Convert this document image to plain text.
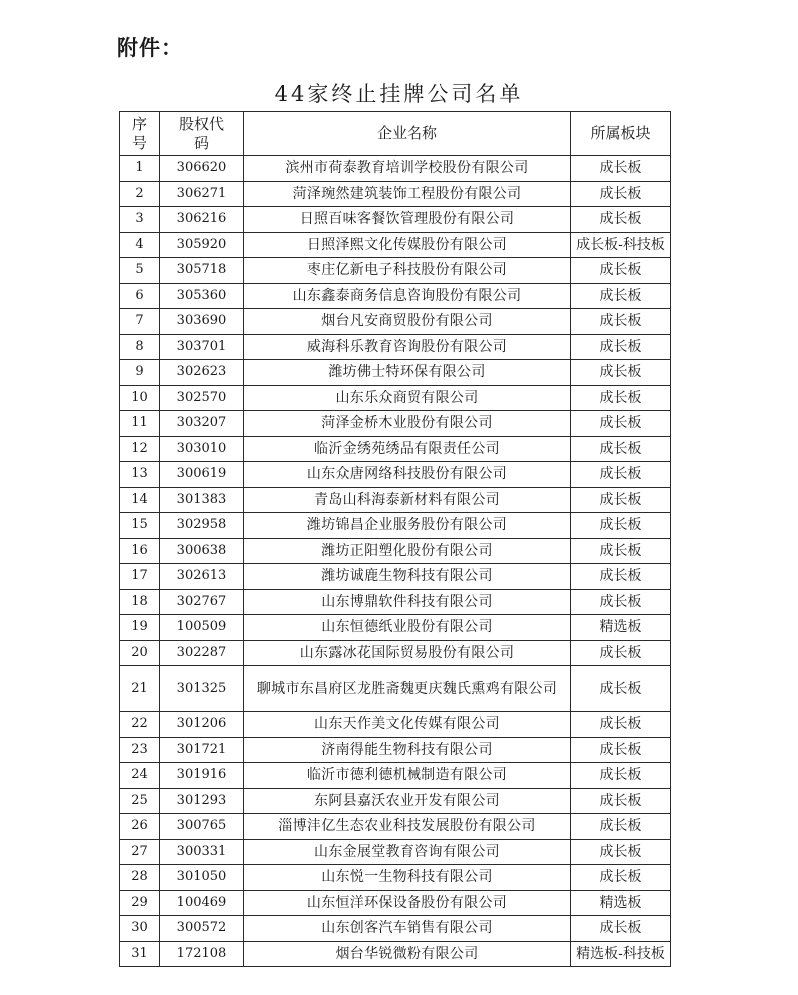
附件：
44家终止挂牌公司名单
序号	股权代码	企业名称	所属板块
1	306620	滨州市荷泰教育培训学校股份有限公司	成长板
2	306271	菏泽琬然建筑装饰工程股份有限公司	成长板
3	306216	日照百味客餐饮管理股份有限公司	成长板
4	305920	日照泽熙文化传媒股份有限公司	成长板-科技板
5	305718	枣庄亿新电子科技股份有限公司	成长板
6	305360	山东鑫泰商务信息咨询股份有限公司	成长板
7	303690	烟台凡安商贸股份有限公司	成长板
8	303701	威海科乐教育咨询股份有限公司	成长板
9	302623	潍坊佛士特环保有限公司	成长板
10	302570	山东乐众商贸有限公司	成长板
11	303207	菏泽金桥木业股份有限公司	成长板
12	303010	临沂金绣苑绣品有限责任公司	成长板
13	300619	山东众唐网络科技股份有限公司	成长板
14	301383	青岛山科海泰新材料有限公司	成长板
15	302958	潍坊锦昌企业服务股份有限公司	成长板
16	300638	潍坊正阳塑化股份有限公司	成长板
17	302613	潍坊诚鹿生物科技有限公司	成长板
18	302767	山东博鼎软件科技有限公司	成长板
19	100509	山东恒德纸业股份有限公司	精选板
20	302287	山东露冰花国际贸易股份有限公司	成长板
21	301325	聊城市东昌府区龙胜斋魏更庆魏氏熏鸡有限公司	成长板
22	301206	山东天作美文化传媒有限公司	成长板
23	301721	济南得能生物科技有限公司	成长板
24	301916	临沂市德利德机械制造有限公司	成长板
25	301293	东阿县嘉沃农业开发有限公司	成长板
26	300765	淄博沣亿生态农业科技发展股份有限公司	成长板
27	300331	山东金展堂教育咨询有限公司	成长板
28	301050	山东悦一生物科技有限公司	成长板
29	100469	山东恒洋环保设备股份有限公司	精选板
30	300572	山东创客汽车销售有限公司	成长板
31	172108	烟台华锐微粉有限公司	精选板-科技板
